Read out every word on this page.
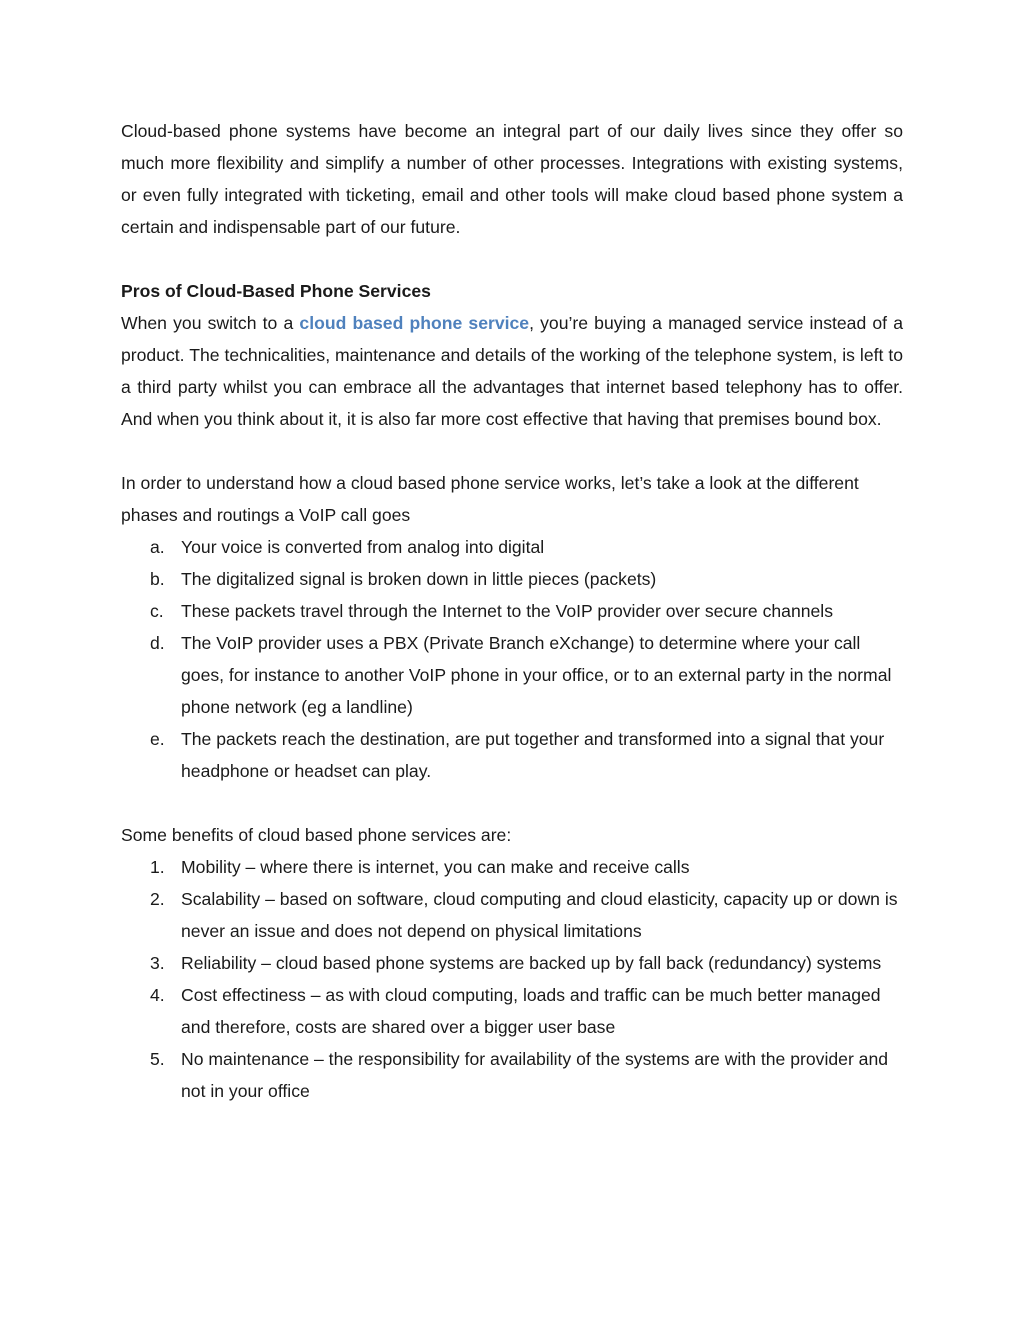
Cloud-based phone systems have become an integral part of our daily lives since they offer so much more flexibility and simplify a number of other processes. Integrations with existing systems, or even fully integrated with ticketing, email and other tools will make cloud based phone system a certain and indispensable part of our future.

Pros of Cloud-Based Phone Services

When you switch to a cloud based phone service, you’re buying a managed service instead of a product. The technicalities, maintenance and details of the working of the telephone system, is left to a third party whilst you can embrace all the advantages that internet based telephony has to offer. And when you think about it, it is also far more cost effective that having that premises bound box.

In order to understand how a cloud based phone service works, let’s take a look at the different phases and routings a VoIP call goes

a. Your voice is converted from analog into digital
b. The digitalized signal is broken down in little pieces (packets)
c. These packets travel through the Internet to the VoIP provider over secure channels
d. The VoIP provider uses a PBX (Private Branch eXchange) to determine where your call goes, for instance to another VoIP phone in your office, or to an external party in the normal phone network (eg a landline)
e. The packets reach the destination, are put together and transformed into a signal that your headphone or headset can play.

Some benefits of cloud based phone services are:

1. Mobility – where there is internet, you can make and receive calls
2. Scalability – based on software, cloud computing and cloud elasticity, capacity up or down is never an issue and does not depend on physical limitations
3. Reliability – cloud based phone systems are backed up by fall back (redundancy) systems
4. Cost effectiness – as with cloud computing, loads and traffic can be much better managed and therefore, costs are shared over a bigger user base
5. No maintenance – the responsibility for availability of the systems are with the provider and not in your office
